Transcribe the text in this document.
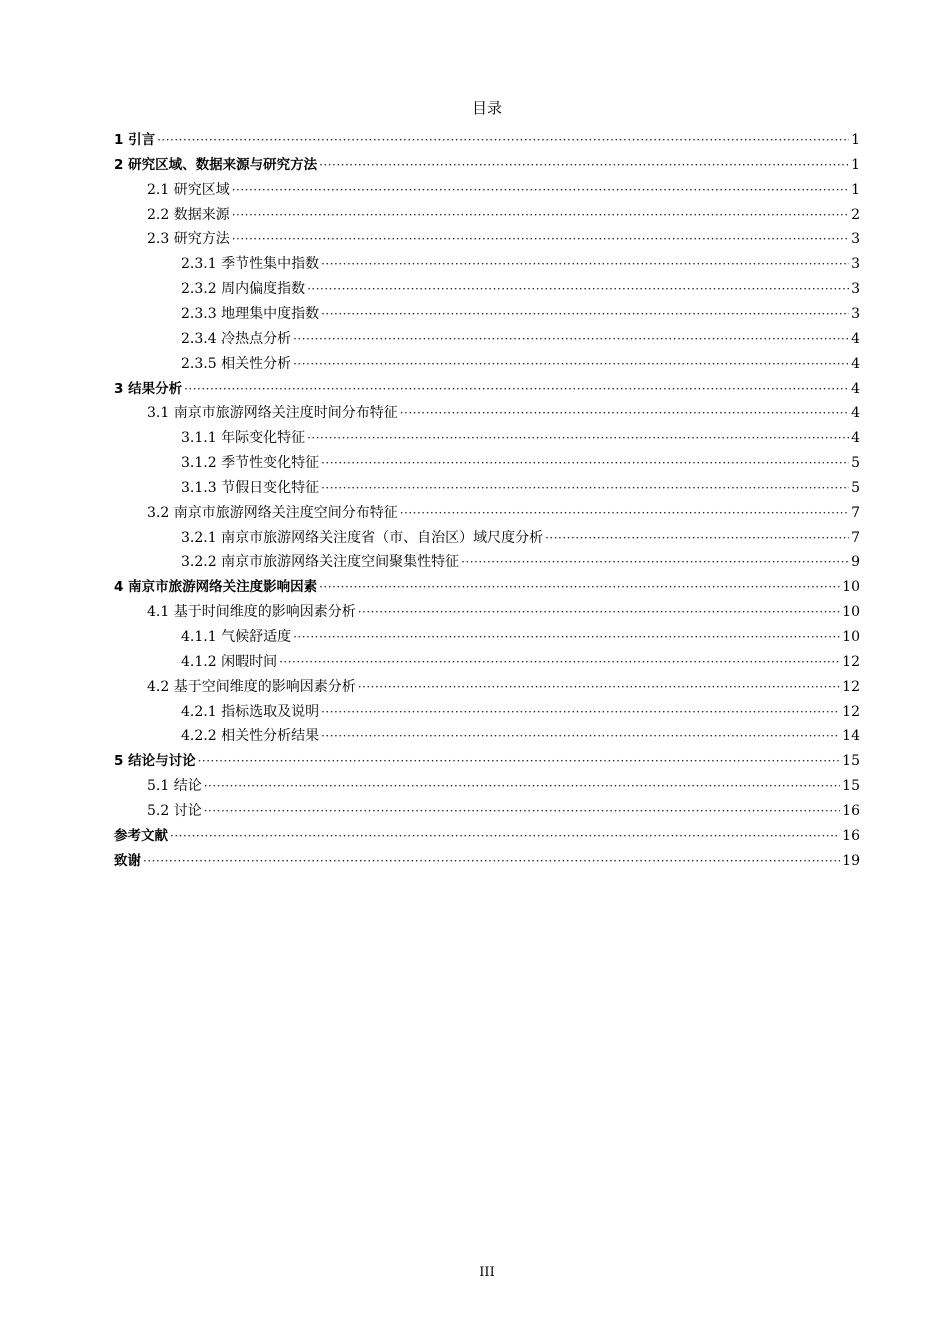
目录
1 引言 ·····	1
2 研究区域、数据来源与研究方法 ·····	1
2.1 研究区域 ·····	1
2.2 数据来源 ·····	2
2.3 研究方法 ·····	3
2.3.1 季节性集中指数 ·····	3
2.3.2 周内偏度指数 ·····	3
2.3.3 地理集中度指数 ·····	3
2.3.4 冷热点分析 ·····	4
2.3.5 相关性分析 ·····	4
3 结果分析 ·····	4
3.1 南京市旅游网络关注度时间分布特征 ·····	4
3.1.1 年际变化特征 ·····	4
3.1.2 季节性变化特征 ·····	5
3.1.3 节假日变化特征 ·····	5
3.2 南京市旅游网络关注度空间分布特征 ·····	7
3.2.1 南京市旅游网络关注度省（市、自治区）域尺度分析 ·····	7
3.2.2 南京市旅游网络关注度空间聚集性特征 ·····	9
4 南京市旅游网络关注度影响因素 ·····	10
4.1 基于时间维度的影响因素分析 ·····	10
4.1.1 气候舒适度 ·····	10
4.1.2 闲暇时间 ·····	12
4.2 基于空间维度的影响因素分析 ·····	12
4.2.1 指标选取及说明 ·····	12
4.2.2 相关性分析结果 ·····	14
5 结论与讨论 ·····	15
5.1 结论 ·····	15
5.2 讨论 ·····	16
参考文献 ·····	16
致谢 ·····	19
III
